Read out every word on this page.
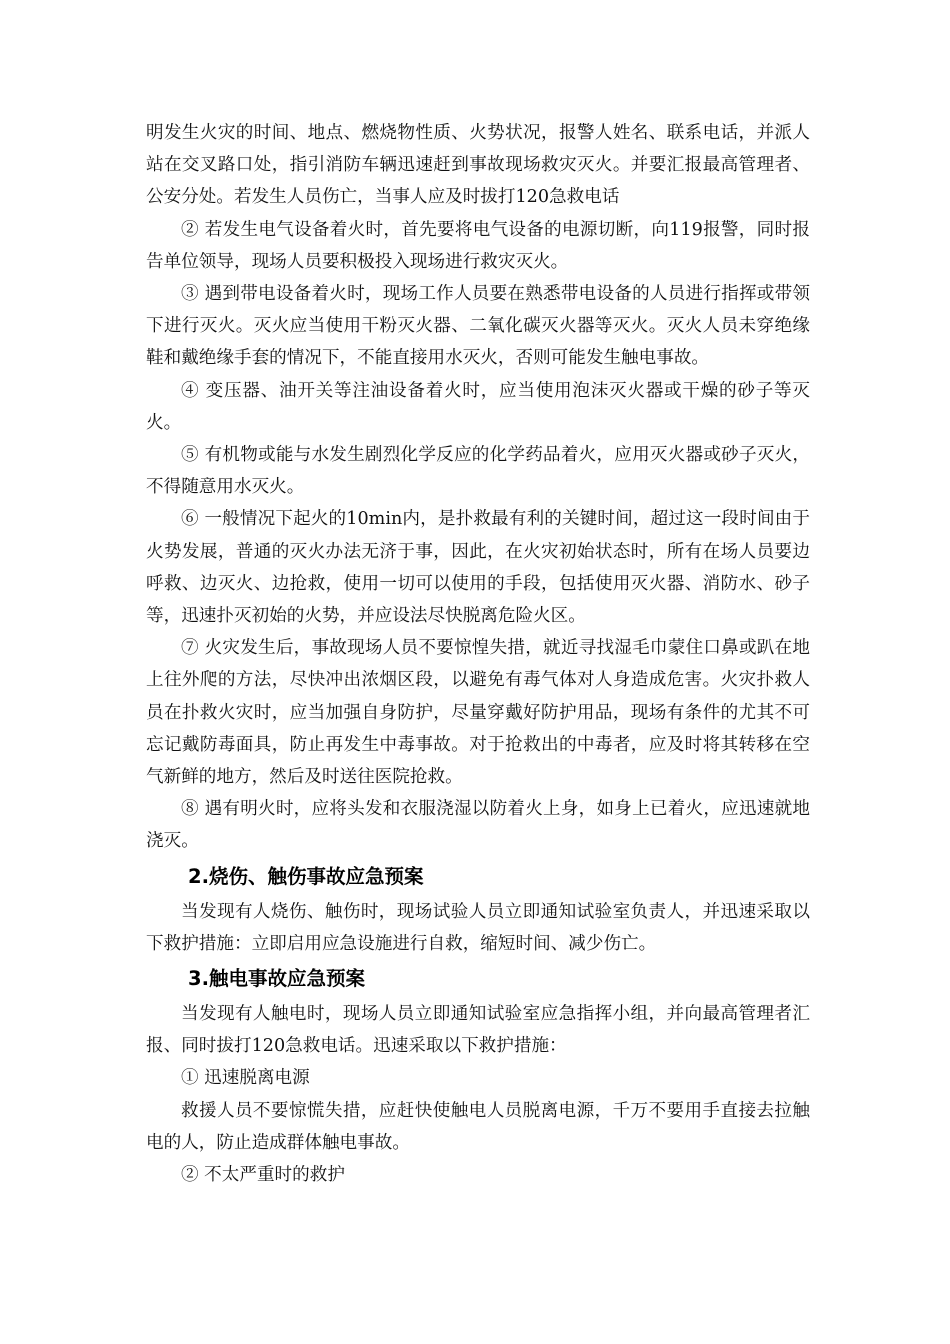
明发生火灾的时间、地点、燃烧物性质、火势状况，报警人姓名、联系电话，并派人站在交叉路口处，指引消防车辆迅速赶到事故现场救灾灭火。并要汇报最高管理者、公安分处。若发生人员伤亡，当事人应及时拔打120急救电话

② 若发生电气设备着火时，首先要将电气设备的电源切断，向119报警，同时报告单位领导，现场人员要积极投入现场进行救灾灭火。

③ 遇到带电设备着火时，现场工作人员要在熟悉带电设备的人员进行指挥或带领下进行灭火。灭火应当使用干粉灭火器、二氧化碳灭火器等灭火。灭火人员未穿绝缘鞋和戴绝缘手套的情况下，不能直接用水灭火，否则可能发生触电事故。

④ 变压器、油开关等注油设备着火时，应当使用泡沫灭火器或干燥的砂子等灭火。

⑤ 有机物或能与水发生剧烈化学反应的化学药品着火，应用灭火器或砂子灭火，不得随意用水灭火。

⑥ 一般情况下起火的10min内，是扑救最有利的关键时间，超过这一段时间由于火势发展，普通的灭火办法无济于事，因此，在火灾初始状态时，所有在场人员要边呼救、边灭火、边抢救，使用一切可以使用的手段，包括使用灭火器、消防水、砂子等，迅速扑灭初始的火势，并应设法尽快脱离危险火区。

⑦ 火灾发生后，事故现场人员不要惊惶失措，就近寻找湿毛巾蒙住口鼻或趴在地上往外爬的方法，尽快冲出浓烟区段，以避免有毒气体对人身造成危害。火灾扑救人员在扑救火灾时，应当加强自身防护，尽量穿戴好防护用品，现场有条件的尤其不可忘记戴防毒面具，防止再发生中毒事故。对于抢救出的中毒者，应及时将其转移在空气新鲜的地方，然后及时送往医院抢救。

⑧ 遇有明火时，应将头发和衣服浇湿以防着火上身，如身上已着火，应迅速就地浇灭。

2.烧伤、触伤事故应急预案

当发现有人烧伤、触伤时，现场试验人员立即通知试验室负责人，并迅速采取以下救护措施：立即启用应急设施进行自救，缩短时间、减少伤亡。

3.触电事故应急预案

当发现有人触电时，现场人员立即通知试验室应急指挥小组，并向最高管理者汇报、同时拔打120急救电话。迅速采取以下救护措施：

① 迅速脱离电源

救援人员不要惊慌失措，应赶快使触电人员脱离电源，千万不要用手直接去拉触电的人，防止造成群体触电事故。

② 不太严重时的救护
